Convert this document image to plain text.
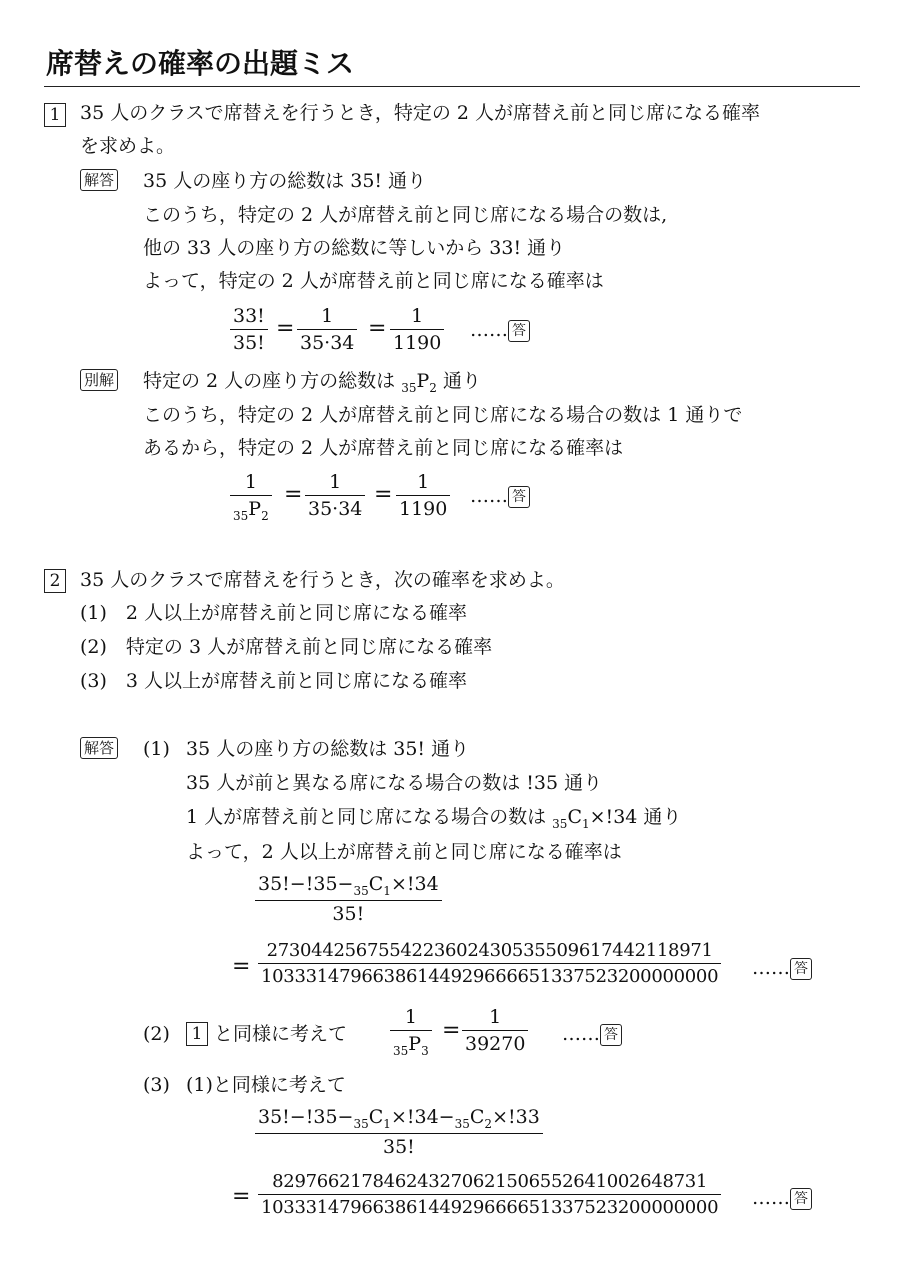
席替えの確率の出題ミス
1 35 人のクラスで席替えを行うとき，特定の 2 人が席替え前と同じ席になる確率
を求めよ。
解答 35 人の座り方の総数は 35! 通り
このうち，特定の 2 人が席替え前と同じ席になる場合の数は,
他の 33 人の座り方の総数に等しいから 33! 通り
よって，特定の 2 人が席替え前と同じ席になる確率は
$\frac{33!}{35!} = \frac{1}{35\cdot 34} = \frac{1}{1190}$ …… 答
別解 特定の 2 人の座り方の総数は $_{35}P_2$ 通り
このうち，特定の 2 人が席替え前と同じ席になる場合の数は 1 通りで
あるから，特定の 2 人が席替え前と同じ席になる確率は
$\frac{1}{_{35}P_2} = \frac{1}{35\cdot 34} = \frac{1}{1190}$ …… 答
2 35 人のクラスで席替えを行うとき，次の確率を求めよ。
(1)　2 人以上が席替え前と同じ席になる確率
(2)　特定の 3 人が席替え前と同じ席になる確率
(3)　3 人以上が席替え前と同じ席になる確率
解答 (1) 35 人の座り方の総数は 35! 通り
35 人が前と異なる席になる場合の数は !35 通り
1 人が席替え前と同じ席になる場合の数は $_{35}C_1\times!34$ 通り
よって，2 人以上が席替え前と同じ席になる確率は
$\frac{35!-!35-_{35}C_1\times!34}{35!}$
= $\frac{2730442567554223602430535509617442118971}{10333147966386144929666651337523200000000}$ …… 答
(2)	1 と同様に考えて $\frac{1}{_{35}P_3} = \frac{1}{39270}$ …… 答
(3) (1)と同様に考えて
$\frac{35!-!35-_{35}C_1\times!34-_{35}C_2\times!33}{35!}$
= $\frac{829766217846243270621506552641002648731}{10333147966386144929666651337523200000000}$ …… 答
